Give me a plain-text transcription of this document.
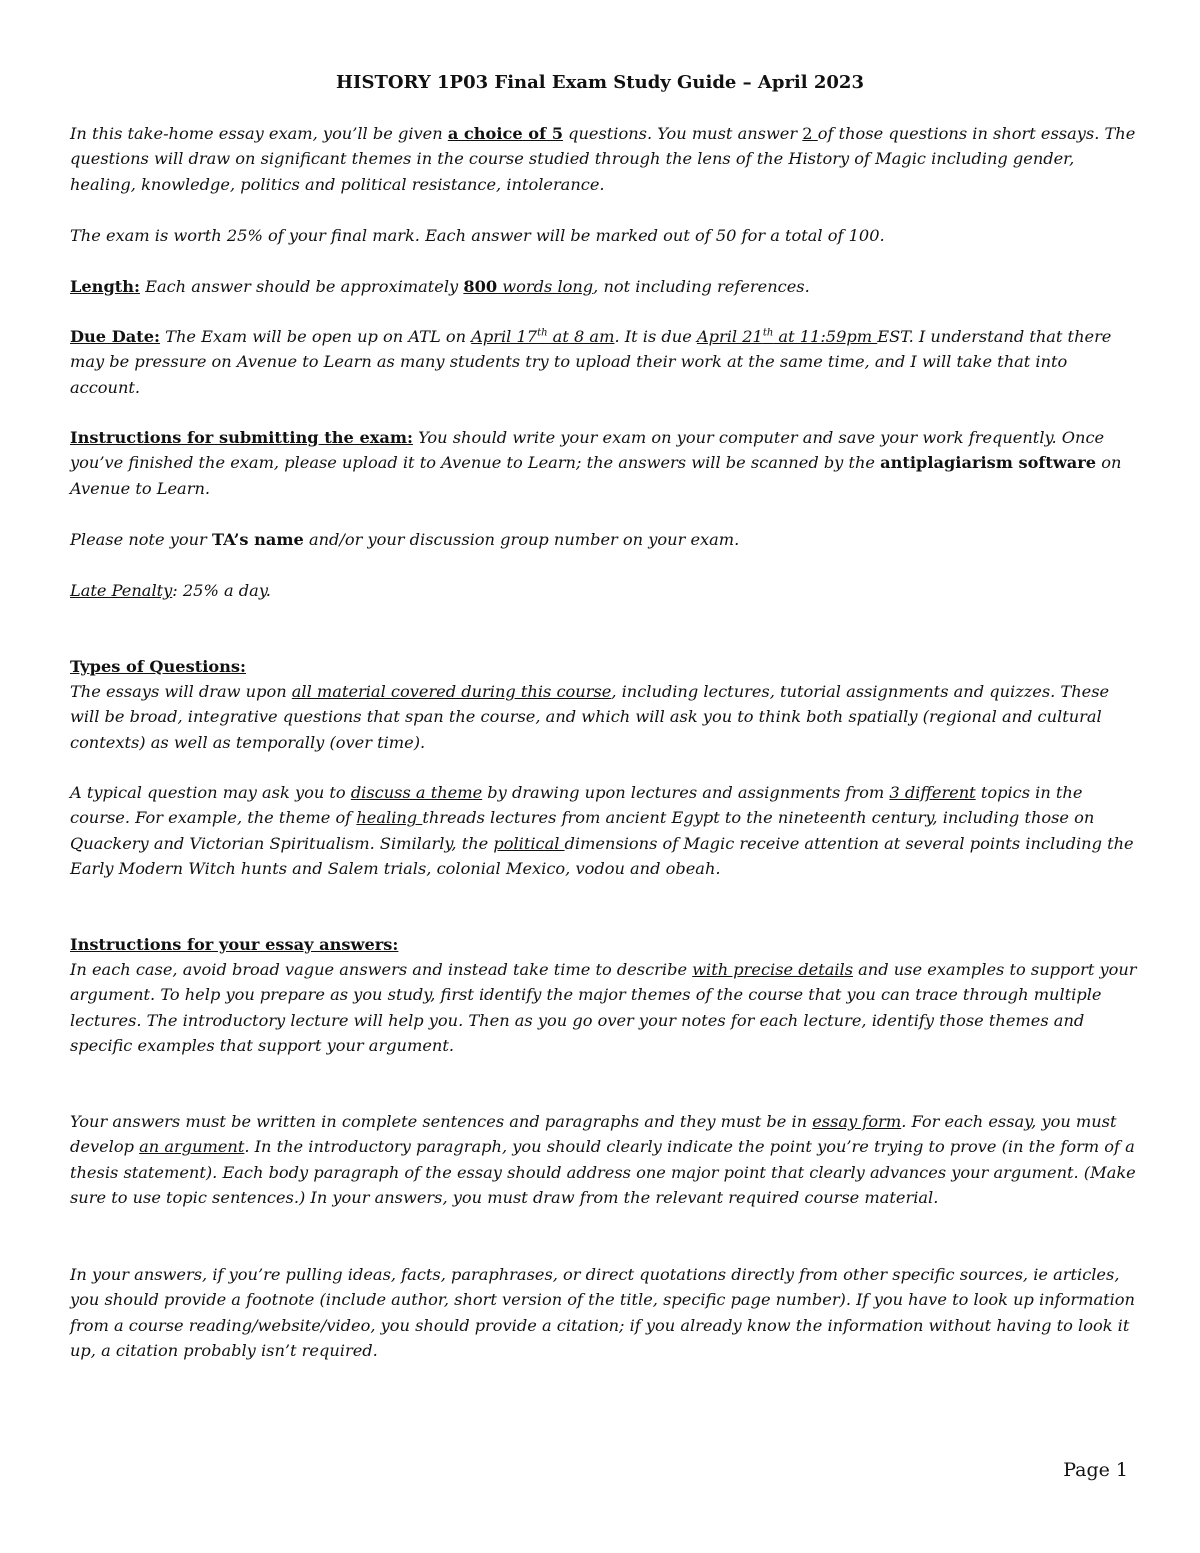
HISTORY 1P03 Final Exam Study Guide – April 2023
In this take-home essay exam, you’ll be given a choice of 5 questions. You must answer 2 of those questions in short essays. The questions will draw on significant themes in the course studied through the lens of the History of Magic including gender, healing, knowledge, politics and political resistance, intolerance.
The exam is worth 25% of your final mark. Each answer will be marked out of 50 for a total of 100.
Length: Each answer should be approximately 800 words long, not including references.
Due Date: The Exam will be open up on ATL on April 17th at 8 am. It is due April 21th at 11:59pm EST. I understand that there may be pressure on Avenue to Learn as many students try to upload their work at the same time, and I will take that into account.
Instructions for submitting the exam: You should write your exam on your computer and save your work frequently. Once you’ve finished the exam, please upload it to Avenue to Learn; the answers will be scanned by the antiplagiarism software on Avenue to Learn.
Please note your TA’s name and/or your discussion group number on your exam.
Late Penalty: 25% a day.
Types of Questions:
The essays will draw upon all material covered during this course, including lectures, tutorial assignments and quizzes. These will be broad, integrative questions that span the course, and which will ask you to think both spatially (regional and cultural contexts) as well as temporally (over time).
A typical question may ask you to discuss a theme by drawing upon lectures and assignments from 3 different topics in the course. For example, the theme of healing threads lectures from ancient Egypt to the nineteenth century, including those on Quackery and Victorian Spiritualism. Similarly, the political dimensions of Magic receive attention at several points including the Early Modern Witch hunts and Salem trials, colonial Mexico, vodou and obeah.
Instructions for your essay answers:
In each case, avoid broad vague answers and instead take time to describe with precise details and use examples to support your argument. To help you prepare as you study, first identify the major themes of the course that you can trace through multiple lectures. The introductory lecture will help you. Then as you go over your notes for each lecture, identify those themes and specific examples that support your argument.
Your answers must be written in complete sentences and paragraphs and they must be in essay form. For each essay, you must develop an argument. In the introductory paragraph, you should clearly indicate the point you’re trying to prove (in the form of a thesis statement). Each body paragraph of the essay should address one major point that clearly advances your argument. (Make sure to use topic sentences.) In your answers, you must draw from the relevant required course material.
In your answers, if you’re pulling ideas, facts, paraphrases, or direct quotations directly from other specific sources, ie articles, you should provide a footnote (include author, short version of the title, specific page number). If you have to look up information from a course reading/website/video, you should provide a citation; if you already know the information without having to look it up, a citation probably isn’t required.
Page 1
